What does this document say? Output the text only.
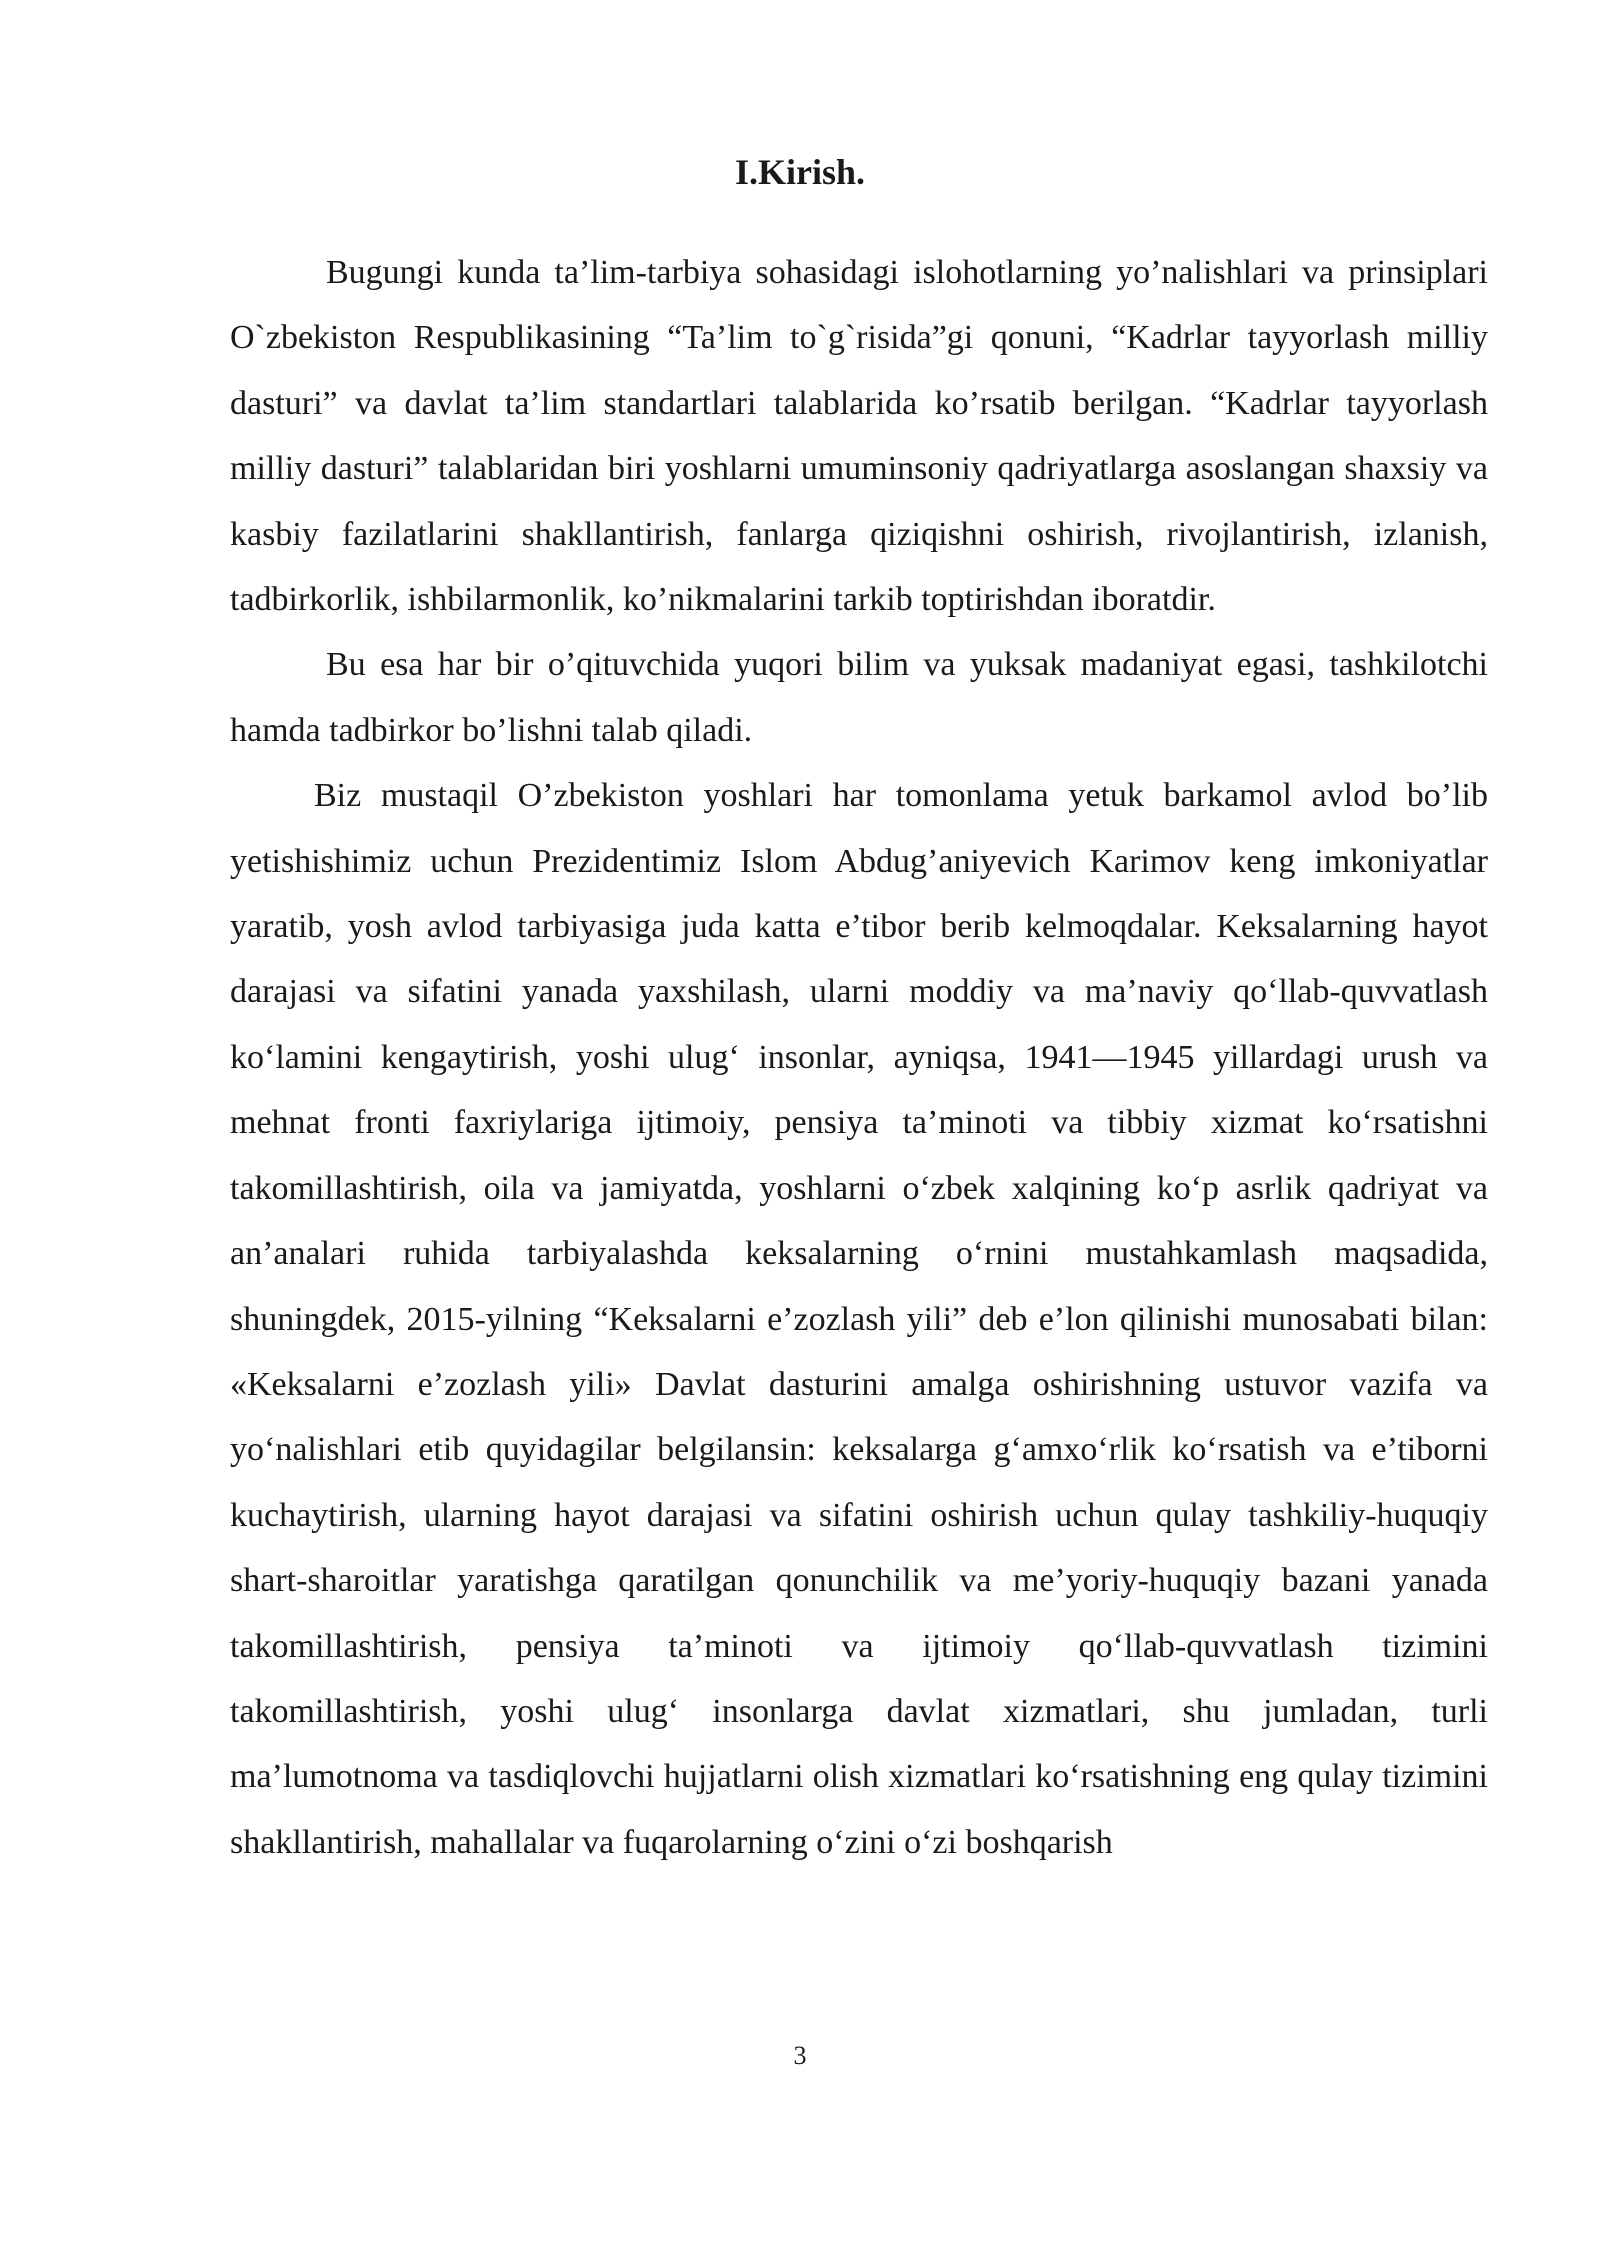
I.Kirish.

Bugungi kunda ta’lim-tarbiya sohasidagi islohotlarning yo’nalishlari va prinsiplari O`zbekiston Respublikasining “Ta’lim to`g`risida”gi qonuni, “Kadrlar tayyorlash milliy dasturi” va davlat ta’lim standartlari talablarida ko’rsatib berilgan. “Kadrlar tayyorlash milliy dasturi” talablaridan biri yoshlarni umuminsoniy qadriyatlarga asoslangan shaxsiy va kasbiy fazilatlarini shakllantirish, fanlarga qiziqishni oshirish, rivojlantirish, izlanish, tadbirkorlik, ishbilarmonlik, ko’nikmalarini tarkib toptirishdan iboratdir.

Bu esa har bir o’qituvchida yuqori bilim va yuksak madaniyat egasi, tashkilotchi hamda tadbirkor bo’lishni talab qiladi.

Biz mustaqil O’zbekiston yoshlari har tomonlama yetuk barkamol avlod bo’lib yetishishimiz uchun Prezidentimiz Islom Abdug’aniyevich Karimov keng imkoniyatlar yaratib, yosh avlod tarbiyasiga juda katta e’tibor berib kelmoqdalar. Keksalarning hayot darajasi va sifatini yanada yaxshilash, ularni moddiy va ma’naviy qo‘llab-quvvatlash ko‘lamini kengaytirish, yoshi ulug‘ insonlar, ayniqsa, 1941—1945 yillardagi urush va mehnat fronti faxriylariga ijtimoiy, pensiya ta’minoti va tibbiy xizmat ko‘rsatishni takomillashtirish, oila va jamiyatda, yoshlarni o‘zbek xalqining ko‘p asrlik qadriyat va an’analari ruhida tarbiyalashda keksalarning o‘rnini mustahkamlash maqsadida, shuningdek, 2015-yilning “Keksalarni e’zozlash yili” deb e’lon qilinishi munosabati bilan: «Keksalarni e’zozlash yili» Davlat dasturini amalga oshirishning ustuvor vazifa va yo‘nalishlari etib quyidagilar belgilansin: keksalarga g‘amxo‘rlik ko‘rsatish va e’tiborni kuchaytirish, ularning hayot darajasi va sifatini oshirish uchun qulay tashkiliy-huquqiy shart-sharoitlar yaratishga qaratilgan qonunchilik va me’yoriy-huquqiy bazani yanada takomillashtirish, pensiya ta’minoti va ijtimoiy qo‘llab-quvvatlash tizimini takomillashtirish, yoshi ulug‘ insonlarga davlat xizmatlari, shu jumladan, turli ma’lumotnoma va tasdiqlovchi hujjatlarni olish xizmatlari ko‘rsatishning eng qulay tizimini shakllantirish, mahallalar va fuqarolarning o‘zini o‘zi boshqarish

3
